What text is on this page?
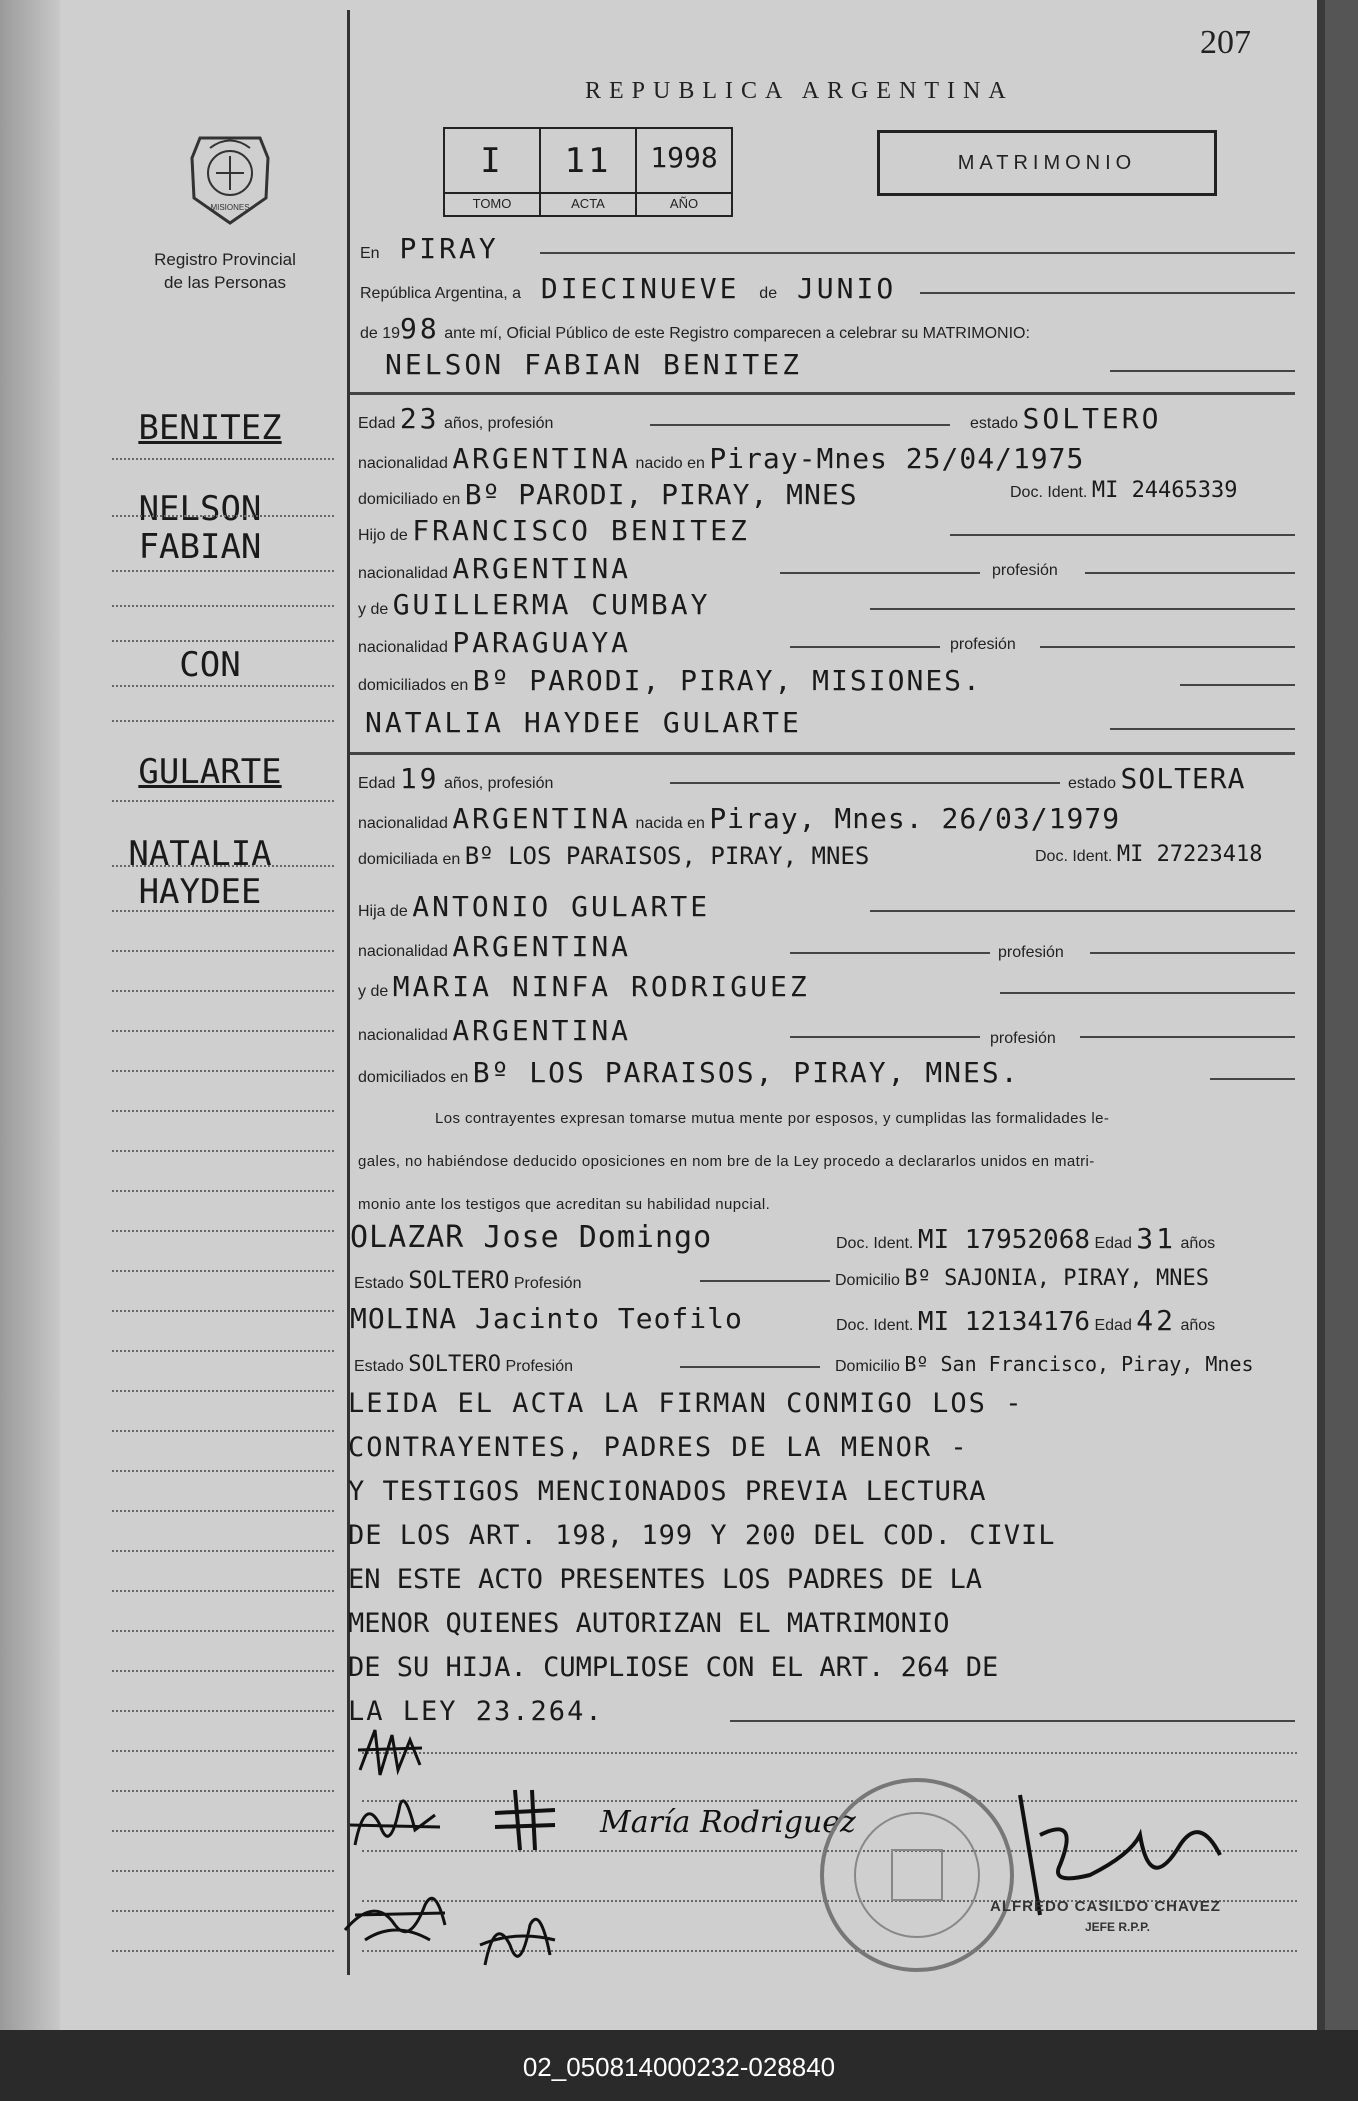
207
REPUBLICA ARGENTINA
MISIONES
Registro Provincial
de las Personas
I
TOMO
11
ACTA
1998
AÑO
MATRIMONIO
BENITEZ
NELSON FABIAN
CON
GULARTE
NATALIA HAYDEE
En PIRAY
República Argentina, a DIECINUEVE de JUNIO
de 1998 ante mí, Oficial Público de este Registro comparecen a celebrar su MATRIMONIO:
NELSON FABIAN BENITEZ
Edad 23 años, profesión	estado SOLTERO
nacionalidad ARGENTINA nacido en Piray-Mnes 25/04/1975
domiciliado en Bº PARODI, PIRAY, MNES	Doc. Ident. MI 24465339
Hijo de FRANCISCO BENITEZ
nacionalidad ARGENTINA	profesión
y de GUILLERMA CUMBAY
nacionalidad PARAGUAYA	profesión
domiciliados en Bº PARODI, PIRAY, MISIONES.
NATALIA HAYDEE GULARTE
Edad 19 años, profesión	estado SOLTERA
nacionalidad ARGENTINA nacida en Piray, Mnes. 26/03/1979
domiciliada en Bº LOS PARAISOS, PIRAY, MNES	Doc. Ident. MI 27223418
Hija de ANTONIO GULARTE
nacionalidad ARGENTINA	profesión
y de MARIA NINFA RODRIGUEZ
nacionalidad ARGENTINA	profesión
domiciliados en Bº LOS PARAISOS, PIRAY, MNES.
Los contrayentes expresan tomarse mutua mente por esposos, y cumplidas las formalidades le-
gales, no habiéndose deducido oposiciones en nom bre de la Ley procedo a declararlos unidos en matri-
monio ante los testigos que acreditan su habilidad nupcial.
OLAZAR Jose Domingo	Doc. Ident. MI 17952068 Edad 31 años
Estado SOLTERO Profesión	Domicilio Bº SAJONIA, PIRAY, MNES
MOLINA Jacinto Teofilo	Doc. Ident. MI 12134176 Edad 42 años
Estado SOLTERO Profesión	Domicilio Bº San Francisco, Piray, Mnes
LEIDA EL ACTA LA FIRMAN CONMIGO LOS -
CONTRAYENTES, PADRES DE LA MENOR -
Y TESTIGOS MENCIONADOS PREVIA LECTURA
DE LOS ART. 198, 199 Y 200 DEL COD. CIVIL
EN ESTE ACTO PRESENTES LOS PADRES DE LA
MENOR QUIENES AUTORIZAN EL MATRIMONIO
DE SU HIJA. CUMPLIOSE CON EL ART. 264 DE
LA LEY 23.264.
María Rodriguez
ALFREDO CASILDO CHAVEZ
JEFE R.P.P.
02_050814000232-028840
